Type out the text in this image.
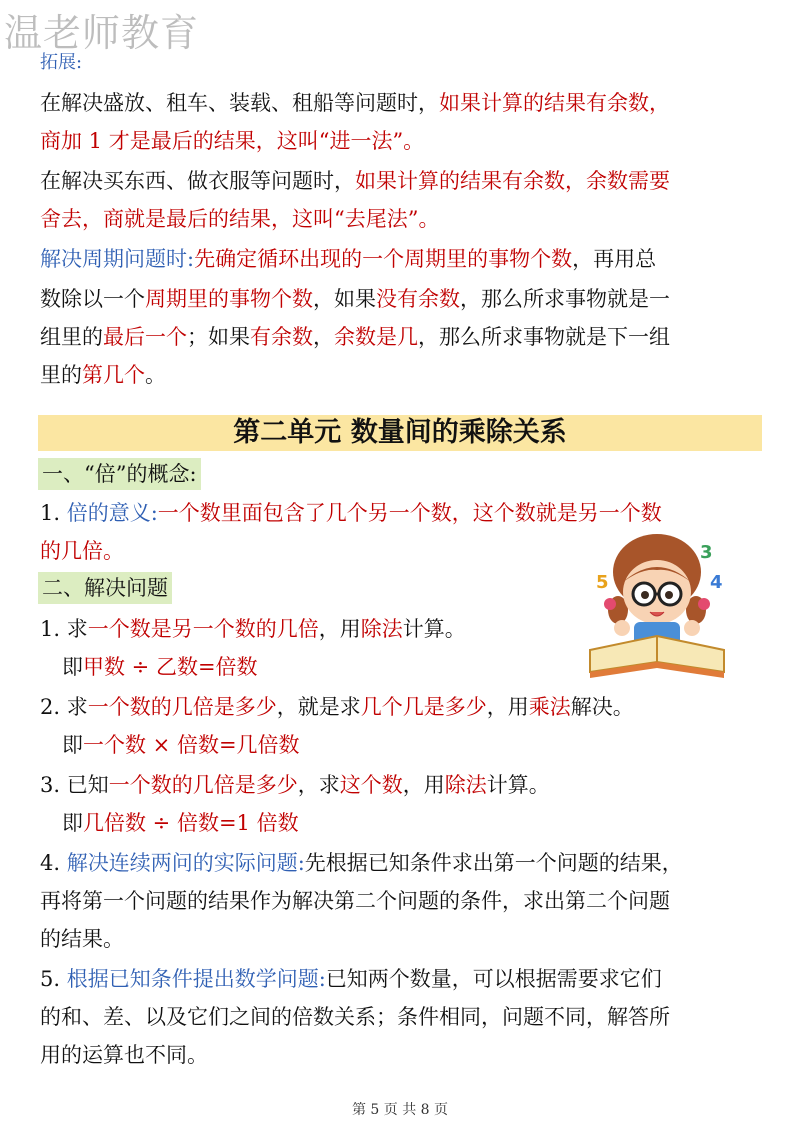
温老师教育
拓展:
在解决盛放、租车、装载、租船等问题时，如果计算的结果有余数，
商加 1 才是最后的结果，这叫“进一法”。
在解决买东西、做衣服等问题时，如果计算的结果有余数，余数需要
舍去，商就是最后的结果，这叫“去尾法”。
解决周期问题时:先确定循环出现的一个周期里的事物个数，再用总
数除以一个周期里的事物个数，如果没有余数，那么所求事物就是一
组里的最后一个；如果有余数，余数是几，那么所求事物就是下一组
里的第几个。
第二单元 数量间的乘除关系
一、“倍”的概念:
1. 倍的意义:一个数里面包含了几个另一个数，这个数就是另一个数
的几倍。
二、解决问题
3
4
5
1. 求一个数是另一个数的几倍，用除法计算。
即甲数 ÷ 乙数=倍数
2. 求一个数的几倍是多少，就是求几个几是多少，用乘法解决。
即一个数 × 倍数=几倍数
3. 已知一个数的几倍是多少，求这个数，用除法计算。
即几倍数 ÷ 倍数=1 倍数
4. 解决连续两问的实际问题:先根据已知条件求出第一个问题的结果，
再将第一个问题的结果作为解决第二个问题的条件，求出第二个问题
的结果。
5. 根据已知条件提出数学问题:已知两个数量，可以根据需要求它们
的和、差、以及它们之间的倍数关系；条件相同，问题不同，解答所
用的运算也不同。
第 5 页 共 8 页
